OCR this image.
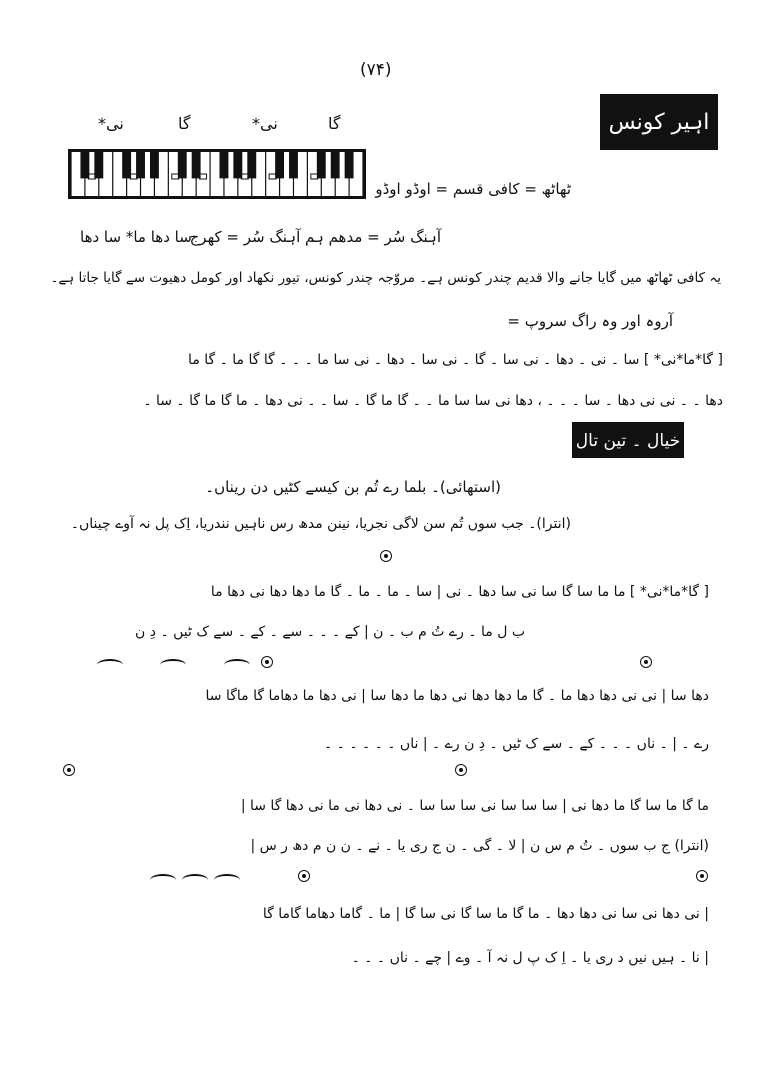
(۷۴)
اہیر کونس
نی*	گا	نی*	گا
ٹھاٹھ = کافی قسم = اوڈو اوڈو
آہنگ سُر = مدھم ہم آہنگ سُر = کھرج
سا دھا ما* سا دھا
یہ کافی ٹھاٹھ میں گایا جانے والا قدیم چندر کونس ہے۔ مروّجہ چندر کونس، تیور نکھاد اور کومل دھیوت سے گایا جاتا ہے۔
آروہ اور وہ راگ سروپ =
[ گا*ما*نی* ] سا ۔ نی ۔ دھا ۔ نی سا ۔ گا ۔ نی سا ۔ دھا ۔ نی سا ما ۔ ۔ ۔ گا گا ما ۔ گا ما
دھا ۔ ۔ نی نی دھا ۔ سا ۔ ۔ ۔ ، دھا نی سا سا ما ۔ ۔ گا ما گا ۔ سا ۔ ۔ نی دھا ۔ ما گا ما گا ۔ سا ۔
خیال ۔ تین تال
(استھائی)۔ بلما رے تُم بن کیسے کٹیں دن ریناں۔
(انترا)۔ جب سوں تُم سن لاگی نجریا، نینن مدھ رس ناہیں نندریا، اِک پل نہ آوے چیناں۔
[ گا*ما*نی* ] ما ما سا گا سا نی سا دھا ۔ نی | سا ۔ ما ۔ ما ۔ گا ما دھا دھا نی دھا ما
ب ل ما ۔ رے تُ م ب ۔ ن | کے ۔ ۔ ۔ سے ۔ کے ۔ سے ک ٹیں ۔ دِ ن
دھا سا | نی نی دھا دھا ما ۔ گا ما دھا دھا نی دھا ما دھا سا | نی دھا ما دھاما گا ماگا سا
رے ۔ | ۔ ناں ۔ ۔ ۔ کے ۔ سے ک ٹیں ۔ دِ ن رے ۔ | ناں ۔ ۔ ۔ ۔ ۔ ۔
ما گا ما سا گا ما دھا نی | سا سا سا نی سا سا سا ۔ نی دھا نی ما نی دھا گا سا |
(انترا) ج ب سوں ۔ تُ م س ن | لا ۔ گی ۔ ن ج ری یا ۔ نے ۔ ن ن م دھ ر س |
| نی دھا نی سا نی دھا دھا ۔ ما گا ما سا گا نی سا گا | ما ۔ گاما دھاما گاما گا
| نا ۔ ہیں نیں د ری یا ۔ اِ ک پ ل نہ آ ۔ وے | چے ۔ ناں ۔ ۔ ۔
